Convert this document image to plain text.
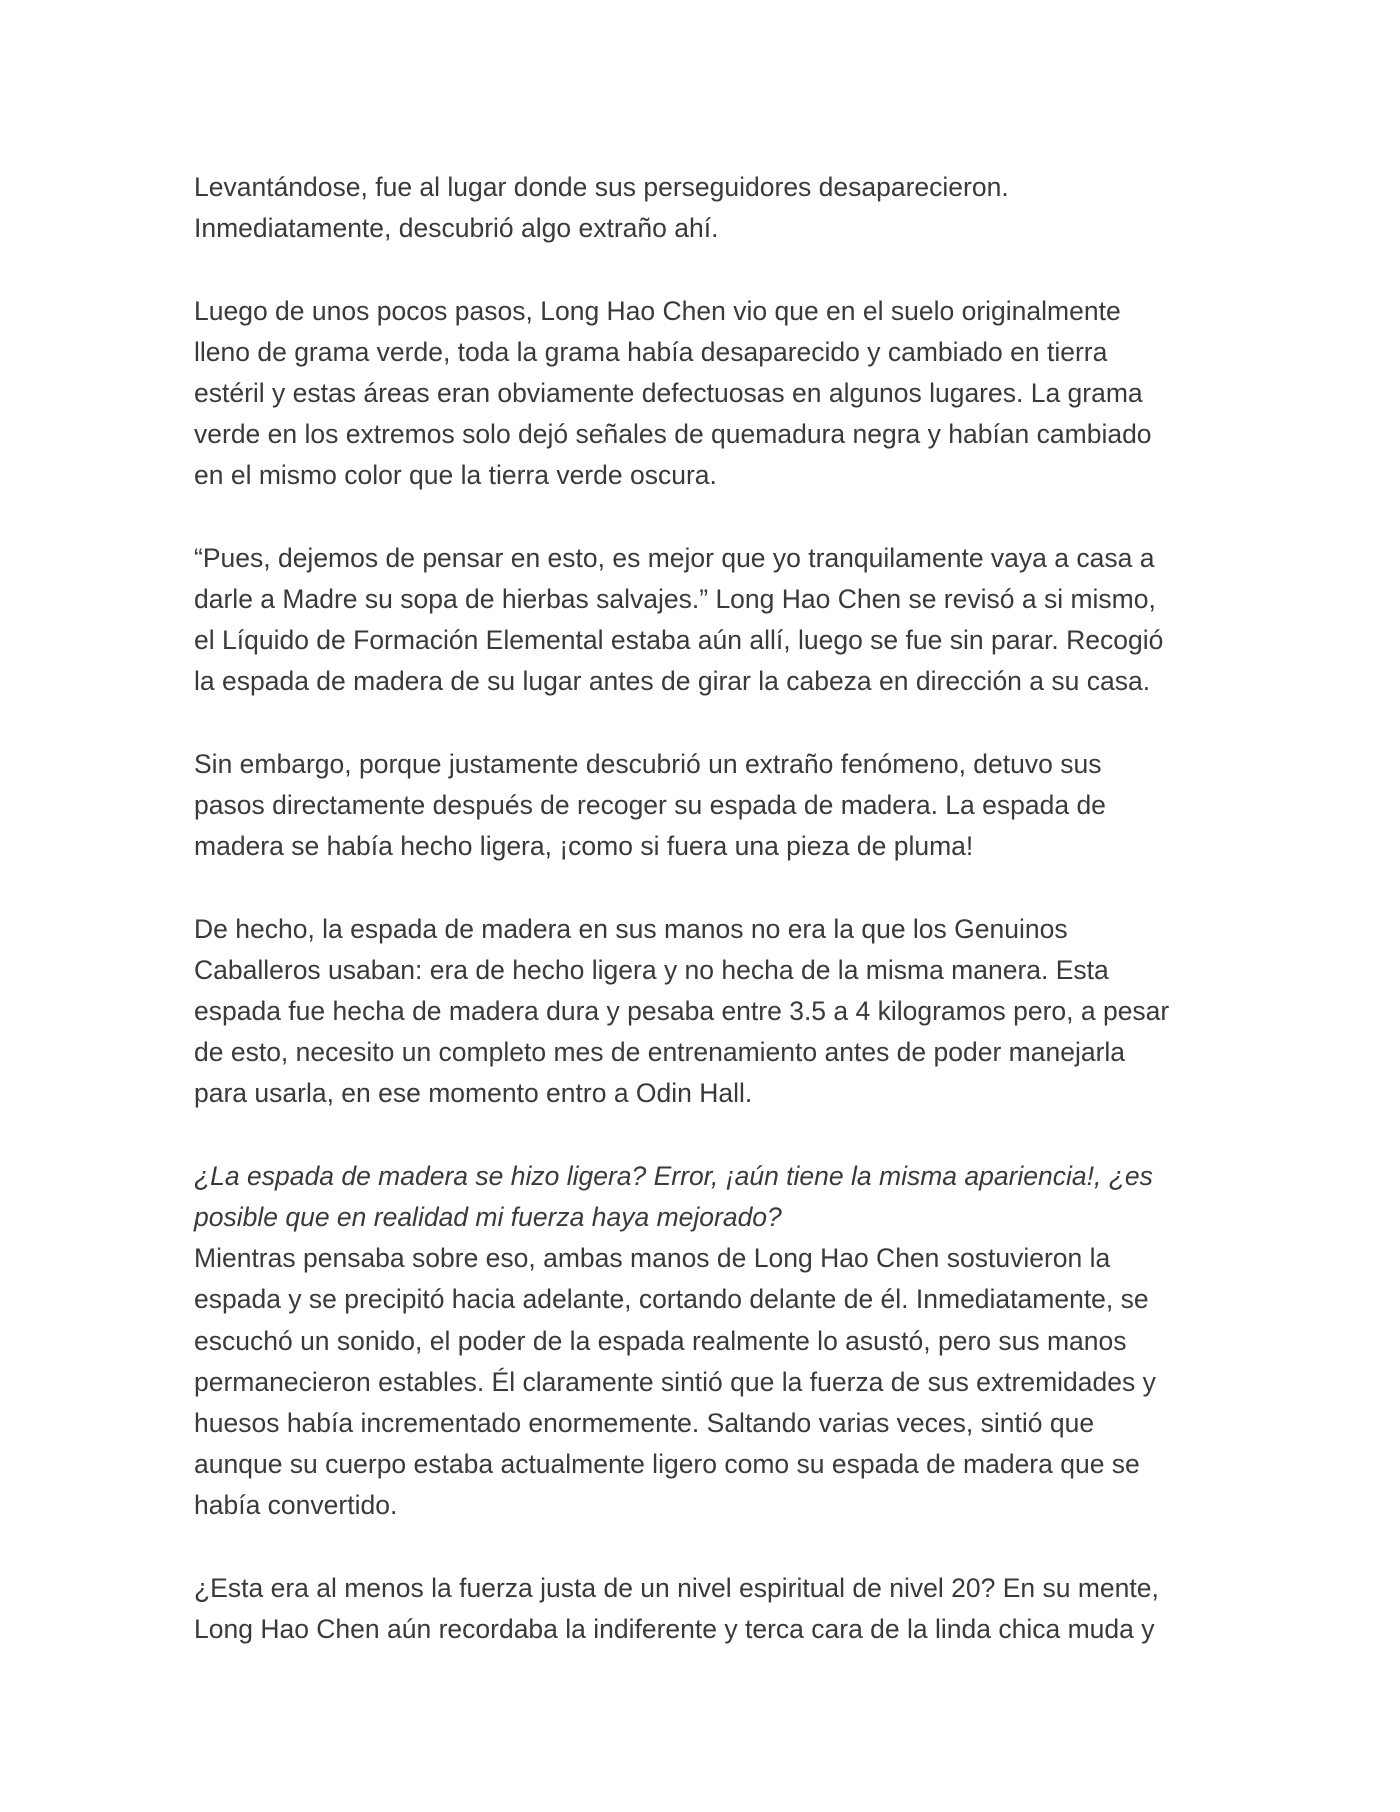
Levantándose, fue al lugar donde sus perseguidores desaparecieron.
Inmediatamente, descubrió algo extraño ahí.

Luego de unos pocos pasos, Long Hao Chen vio que en el suelo originalmente
lleno de grama verde, toda la grama había desaparecido y cambiado en tierra
estéril y estas áreas eran obviamente defectuosas en algunos lugares. La grama
verde en los extremos solo dejó señales de quemadura negra y habían cambiado
en el mismo color que la tierra verde oscura.

“Pues, dejemos de pensar en esto, es mejor que yo tranquilamente vaya a casa a
darle a Madre su sopa de hierbas salvajes.” Long Hao Chen se revisó a si mismo,
el Líquido de Formación Elemental estaba aún allí, luego se fue sin parar. Recogió
la espada de madera de su lugar antes de girar la cabeza en dirección a su casa.

Sin embargo, porque justamente descubrió un extraño fenómeno, detuvo sus
pasos directamente después de recoger su espada de madera. La espada de
madera se había hecho ligera, ¡como si fuera una pieza de pluma!

De hecho, la espada de madera en sus manos no era la que los Genuinos
Caballeros usaban: era de hecho ligera y no hecha de la misma manera. Esta
espada fue hecha de madera dura y pesaba entre 3.5 a 4 kilogramos pero, a pesar
de esto, necesito un completo mes de entrenamiento antes de poder manejarla
para usarla, en ese momento entro a Odin Hall.

¿La espada de madera se hizo ligera? Error, ¡aún tiene la misma apariencia!, ¿es
posible que en realidad mi fuerza haya mejorado?

Mientras pensaba sobre eso, ambas manos de Long Hao Chen sostuvieron la
espada y se precipitó hacia adelante, cortando delante de él. Inmediatamente, se
escuchó un sonido, el poder de la espada realmente lo asustó, pero sus manos
permanecieron estables. Él claramente sintió que la fuerza de sus extremidades y
huesos había incrementado enormemente. Saltando varias veces, sintió que
aunque su cuerpo estaba actualmente ligero como su espada de madera que se
había convertido.

¿Esta era al menos la fuerza justa de un nivel espiritual de nivel 20? En su mente,
Long Hao Chen aún recordaba la indiferente y terca cara de la linda chica muda y
